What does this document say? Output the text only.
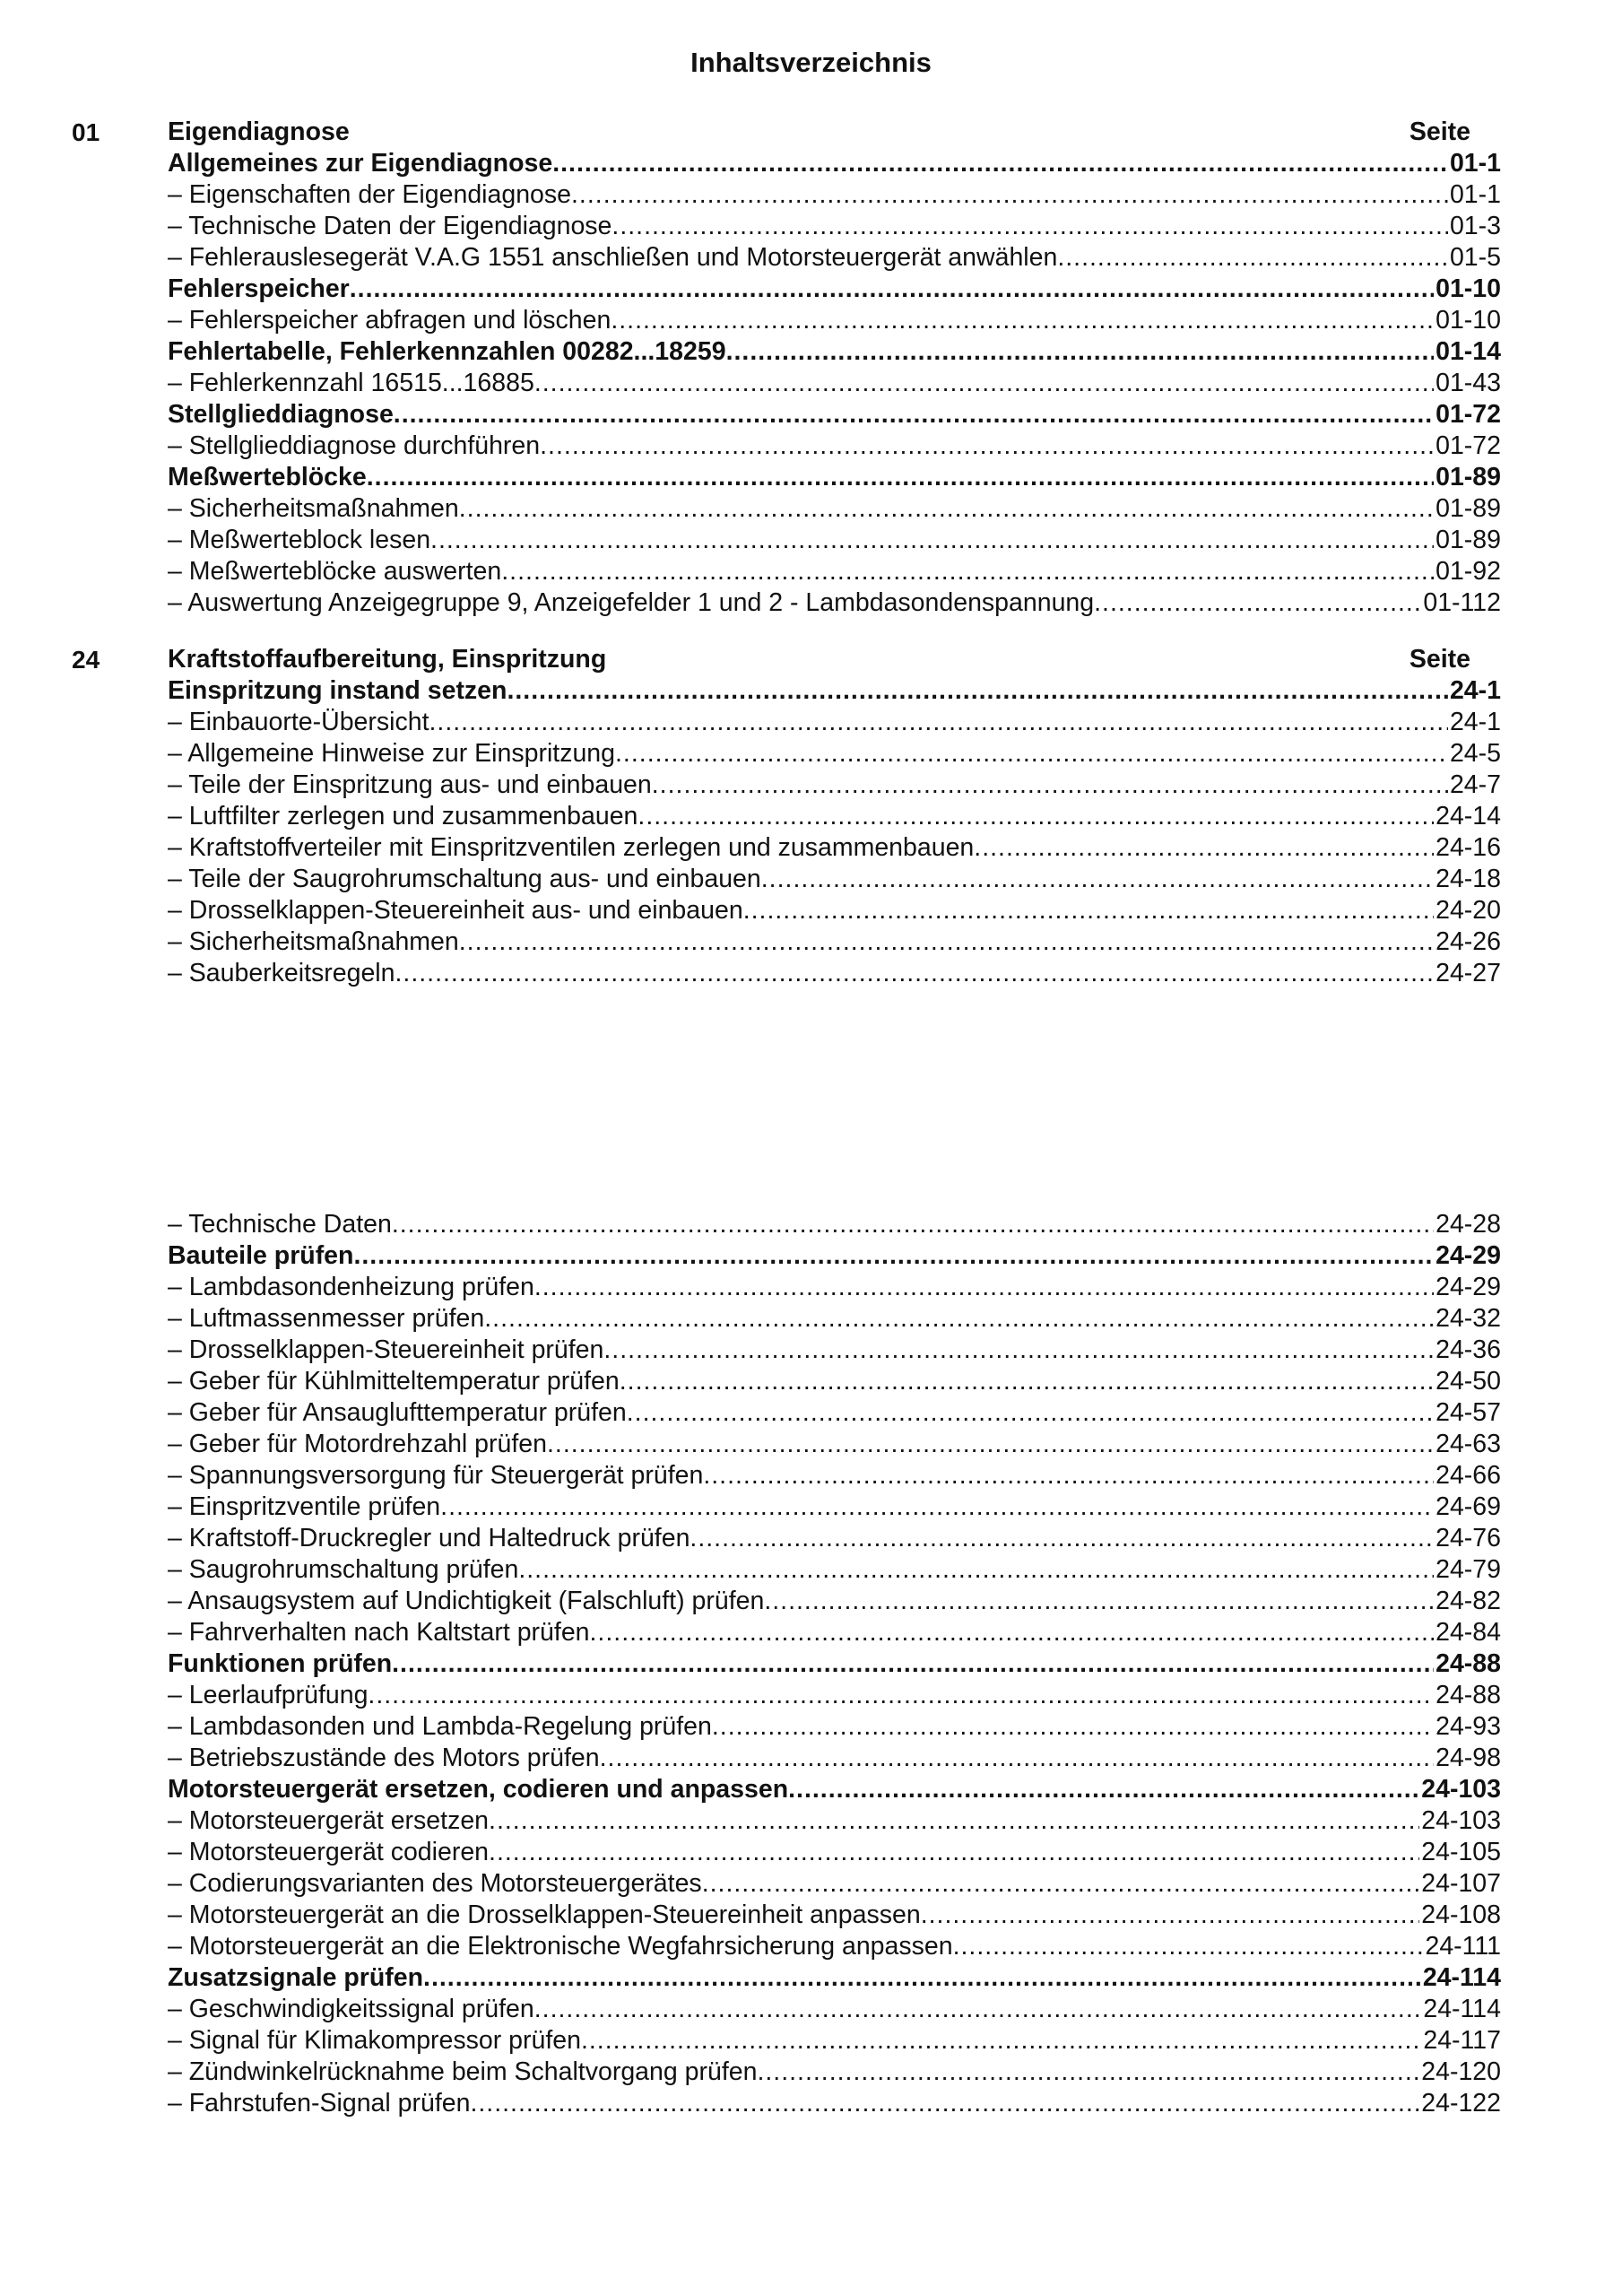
Inhaltsverzeichnis
01	Eigendiagnose	Seite
Allgemeines zur Eigendiagnose .....	01-1
– Eigenschaften der Eigendiagnose .....	01-1
– Technische Daten der Eigendiagnose .....	01-3
– Fehlerauslesegerät V.A.G 1551 anschließen und Motorsteuergerät anwählen .....	01-5
Fehlerspeicher .....	01-10
– Fehlerspeicher abfragen und löschen .....	01-10
Fehlertabelle, Fehlerkennzahlen 00282...18259 .....	01-14
– Fehlerkennzahl 16515...16885 .....	01-43
Stellglieddiagnose .....	01-72
– Stellglieddiagnose durchführen .....	01-72
Meßwerteblöcke .....	01-89
– Sicherheitsmaßnahmen .....	01-89
– Meßwerteblock lesen .....	01-89
– Meßwerteblöcke auswerten .....	01-92
– Auswertung Anzeigegruppe 9, Anzeigefelder 1 und 2 - Lambdasondenspannung .....	01-112
24	Kraftstoffaufbereitung, Einspritzung	Seite
Einspritzung instand setzen .....	24-1
– Einbauorte-Übersicht .....	24-1
– Allgemeine Hinweise zur Einspritzung .....	24-5
– Teile der Einspritzung aus- und einbauen .....	24-7
– Luftfilter zerlegen und zusammenbauen .....	24-14
– Kraftstoffverteiler mit Einspritzventilen zerlegen und zusammenbauen .....	24-16
– Teile der Saugrohrumschaltung aus- und einbauen .....	24-18
– Drosselklappen-Steuereinheit aus- und einbauen .....	24-20
– Sicherheitsmaßnahmen .....	24-26
– Sauberkeitsregeln .....	24-27
– Technische Daten .....	24-28
Bauteile prüfen .....	24-29
– Lambdasondenheizung prüfen .....	24-29
– Luftmassenmesser prüfen .....	24-32
– Drosselklappen-Steuereinheit prüfen .....	24-36
– Geber für Kühlmitteltemperatur prüfen .....	24-50
– Geber für Ansauglufttemperatur prüfen .....	24-57
– Geber für Motordrehzahl prüfen .....	24-63
– Spannungsversorgung für Steuergerät prüfen .....	24-66
– Einspritzventile prüfen .....	24-69
– Kraftstoff-Druckregler und Haltedruck prüfen .....	24-76
– Saugrohrumschaltung prüfen .....	24-79
– Ansaugsystem auf Undichtigkeit (Falschluft) prüfen .....	24-82
– Fahrverhalten nach Kaltstart prüfen .....	24-84
Funktionen prüfen .....	24-88
– Leerlaufprüfung .....	24-88
– Lambdasonden und Lambda-Regelung prüfen .....	24-93
– Betriebszustände des Motors prüfen .....	24-98
Motorsteuergerät ersetzen, codieren und anpassen .....	24-103
– Motorsteuergerät ersetzen .....	24-103
– Motorsteuergerät codieren .....	24-105
– Codierungsvarianten des Motorsteuergerätes .....	24-107
– Motorsteuergerät an die Drosselklappen-Steuereinheit anpassen .....	24-108
– Motorsteuergerät an die Elektronische Wegfahrsicherung anpassen .....	24-111
Zusatzsignale prüfen .....	24-114
– Geschwindigkeitssignal prüfen .....	24-114
– Signal für Klimakompressor prüfen .....	24-117
– Zündwinkelrücknahme beim Schaltvorgang prüfen .....	24-120
– Fahrstufen-Signal prüfen .....	24-122
